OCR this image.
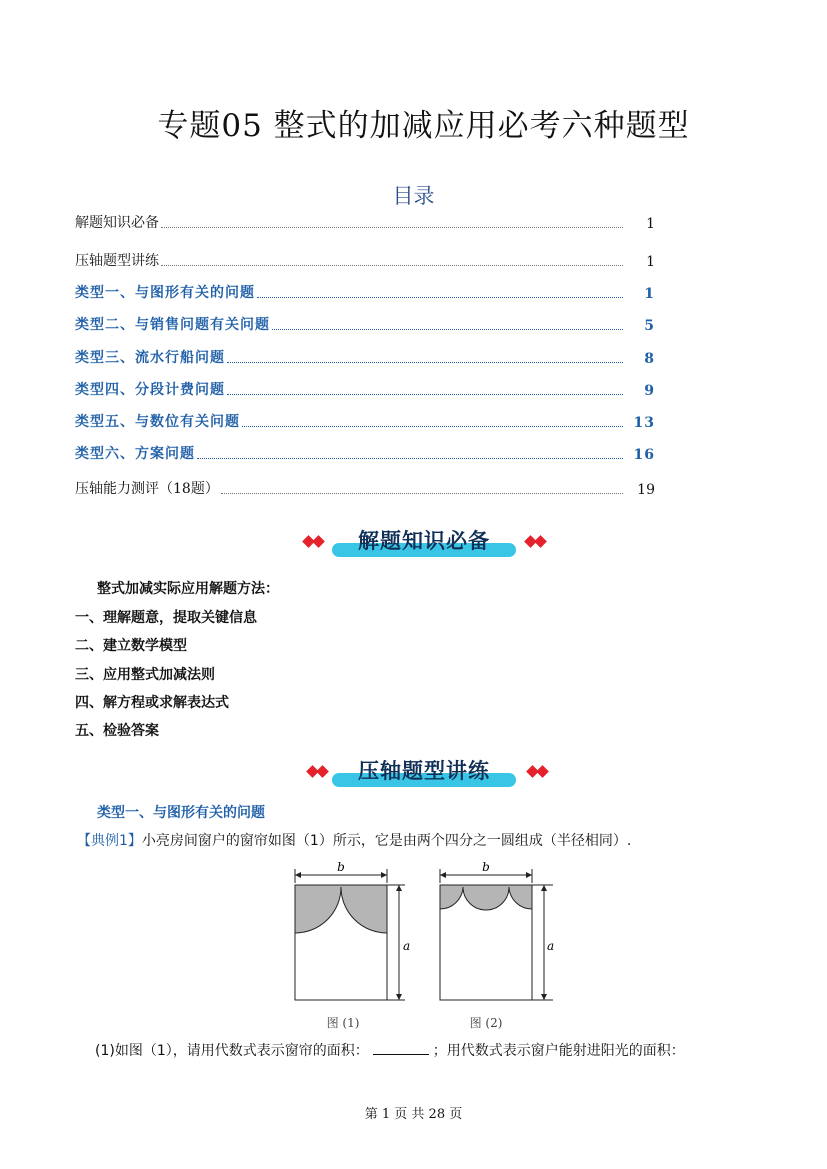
专题05 整式的加减应用必考六种题型
目录
解题知识必备	1
压轴题型讲练	1
类型一、与图形有关的问题	1
类型二、与销售问题有关问题	5
类型三、流水行船问题	8
类型四、分段计费问题	9
类型五、与数位有关问题	13
类型六、方案问题	16
压轴能力测评（18题）	19
解题知识必备
整式加减实际应用解题方法：
一、理解题意，提取关键信息
二、建立数学模型
三、应用整式加减法则
四、解方程或求解表达式
五、检验答案
压轴题型讲练
类型一、与图形有关的问题
【典例1】小亮房间窗户的窗帘如图（1）所示，它是由两个四分之一圆组成（半径相同）.
b
a
图 (1)
b
a
图 (2)
(1)如图（1），请用代数式表示窗帘的面积：	；用代数式表示窗户能射进阳光的面积：
第 1 页 共 28 页
